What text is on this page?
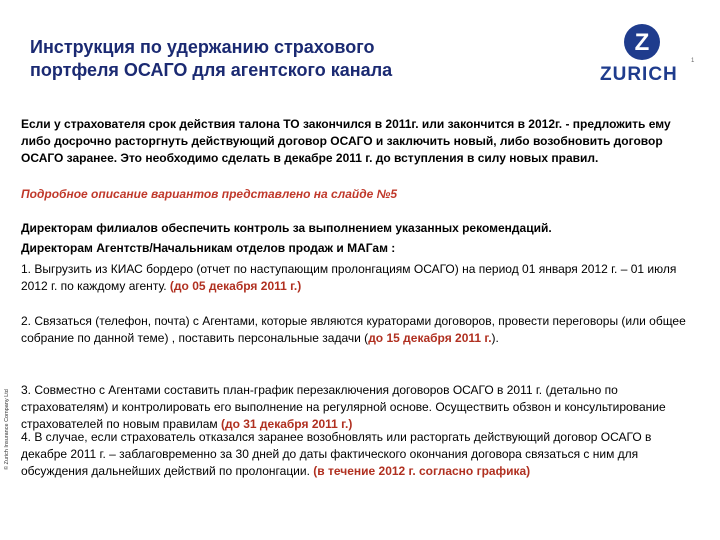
Инструкция по удержанию страхового
портфеля ОСАГО для агентского канала
Z
ZURICH
1
© Zurich Insurance Company Ltd

Если у страхователя срок действия талона ТО закончился в 2011г. или закончится в 2012г. - предложить ему либо досрочно расторгнуть действующий договор ОСАГО и заключить новый, либо возобновить договор ОСАГО заранее. Это необходимо сделать в декабре 2011 г. до вступления в силу новых правил.

Подробное описание вариантов представлено на слайде №5

Директорам филиалов обеспечить контроль за выполнением указанных рекомендаций.

Директорам Агентств/Начальникам отделов продаж и МАГам :

1. Выгрузить из КИАС бордеро (отчет по наступающим пролонгациям ОСАГО) на период 01 января 2012 г. – 01 июля 2012 г. по каждому агенту. (до 05 декабря 2011 г.)

2. Связаться (телефон, почта) с Агентами, которые являются кураторами договоров, провести переговоры (или общее собрание по данной теме) , поставить персональные задачи (до 15 декабря 2011 г.).

3. Совместно с Агентами составить план-график перезаключения договоров ОСАГО в 2011 г. (детально по страхователям) и контролировать его выполнение на регулярной основе. Осуществить обзвон и консультирование страхователей по новым правилам (до 31 декабря 2011 г.)

4. В случае, если страхователь отказался заранее возобновлять или расторгать действующий договор ОСАГО в декабре 2011 г. – заблаговременно за 30 дней до даты фактического окончания договора связаться с ним для обсуждения дальнейших действий по пролонгации. (в течение 2012 г. согласно графика)
